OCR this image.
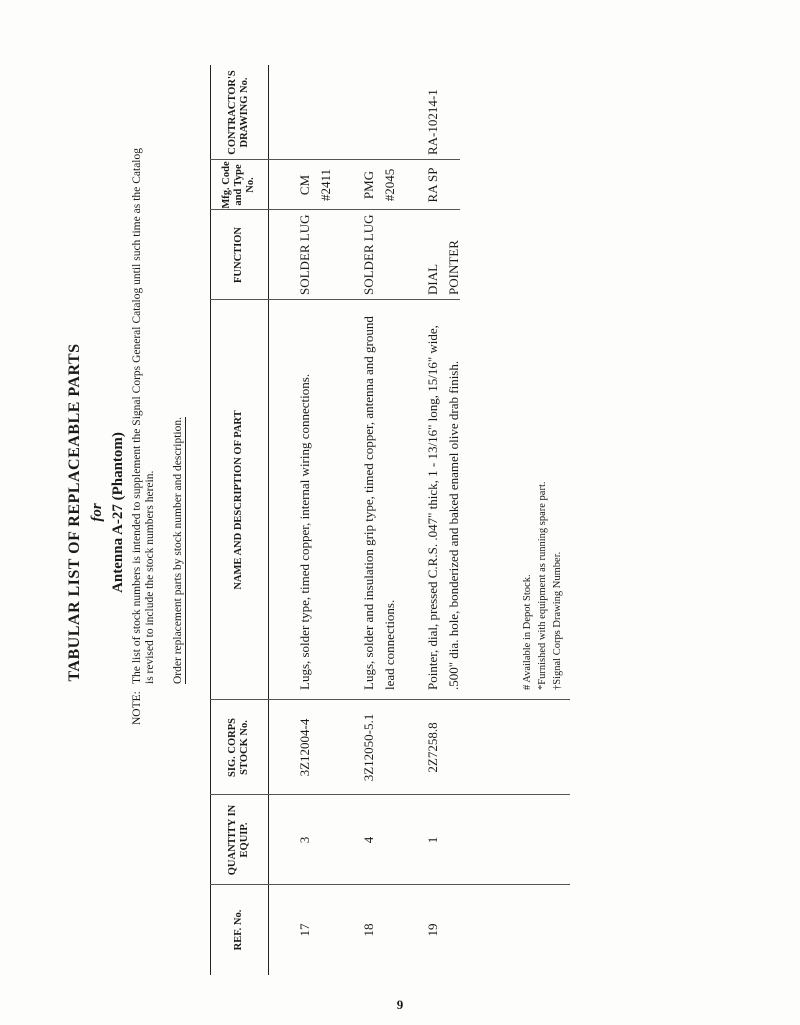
TABULAR LIST OF REPLACEABLE PARTS for Antenna A-27 (Phantom)
NOTE:
The list of stock numbers is intended to supplement the Signal Corps General Catalog until such time as the Catalog is revised to include the stock numbers herein. Order replacement parts by stock number and description.
REF. No.
QUANTITY IN EQUIP.
SIG. CORPS STOCK No.
NAME AND DESCRIPTION OF PART
FUNCTION
Mfg. Code and Type No.
CONTRACTOR'S DRAWING No.
17
3
3Z12004-4
Lugs, solder type, timed copper, internal wiring connections.
SOLDER LUG
CM #2411
18
4
3Z12050-5.1
Lugs, solder and insulation grip type, timed copper, antenna and ground lead connections.
SOLDER LUG
PMG #2045
19
1
2Z7258.8
Pointer, dial, pressed C.R.S. .047" thick, 1 - 13/16" long, 15/16" wide, .500" dia. hole, bonderized and baked enamel olive drab finish.
DIAL POINTER
RA SP
RA-10214-1
# Available in Depot Stock. *Furnished with equipment as running spare part. †Signal Corps Drawing Number.
9
